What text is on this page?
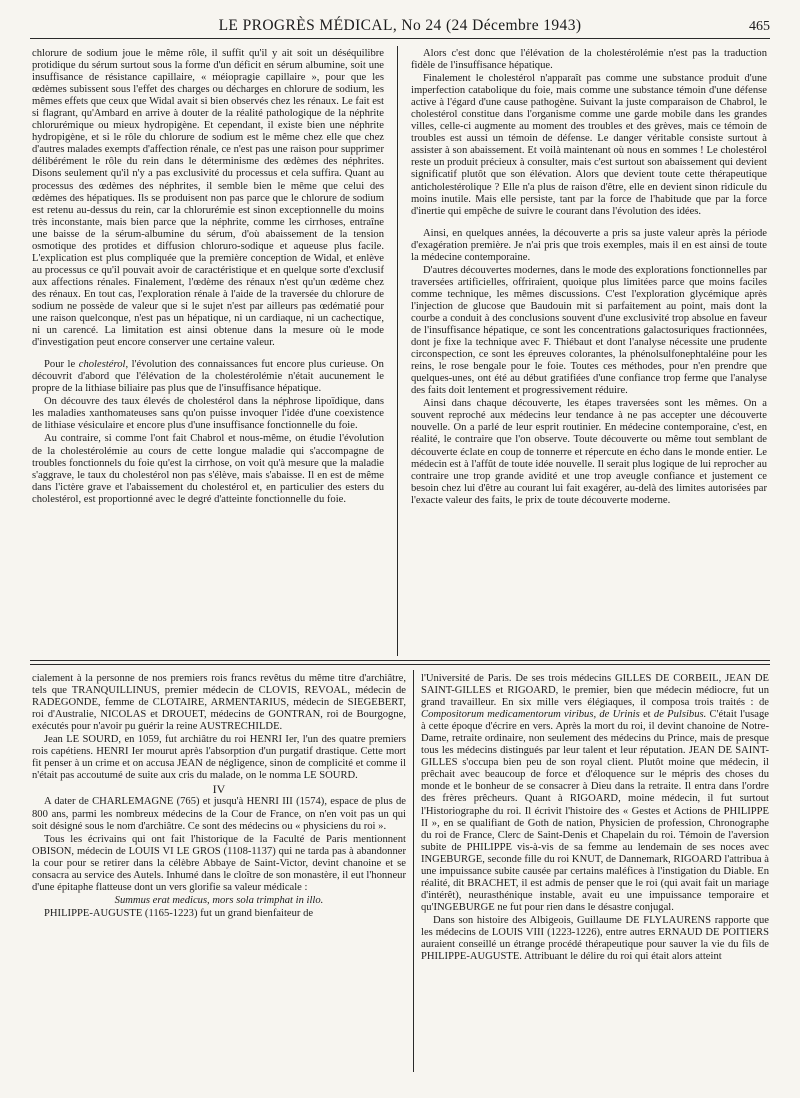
LE PROGRÈS MÉDICAL, No 24 (24 Décembre 1943)	465

chlorure de sodium joue le même rôle, il suffit qu'il y ait soit un déséquilibre protidique du sérum surtout sous la forme d'un déficit en sérum albumine, soit une insuffisance de résistance capillaire, « méiopragie capillaire », pour que les œdèmes subissent sous l'effet des charges ou décharges en chlorure de sodium, les mêmes effets que ceux que Widal avait si bien observés chez les rénaux. Le fait est si flagrant, qu'Ambard en arrive à douter de la réalité pathologique de la néphrite chlorurémique ou mieux hydropigène. Et cependant, il existe bien une néphrite hydropigène, et si le rôle du chlorure de sodium est le même chez elle que chez d'autres malades exempts d'affection rénale, ce n'est pas une raison pour supprimer délibérément le rôle du rein dans le déterminisme des œdèmes des néphrites. Disons seulement qu'il n'y a pas exclusivité du processus et cela suffira. Quant au processus des œdèmes des néphrites, il semble bien le même que celui des œdèmes des hépatiques. Ils se produisent non pas parce que le chlorure de sodium est retenu au-dessus du rein, car la chlorurémie est sinon exceptionnelle du moins très inconstante, mais bien parce que la néphrite, comme les cirrhoses, entraîne une baisse de la sérum-albumine du sérum, d'où abaissement de la tension osmotique des protides et diffusion chloruro-sodique et aqueuse plus facile. L'explication est plus compliquée que la première conception de Widal, et enlève au processus ce qu'il pouvait avoir de caractéristique et en quelque sorte d'exclusif aux affections rénales. Finalement, l'œdème des rénaux n'est qu'un œdème chez des rénaux. En tout cas, l'exploration rénale à l'aide de la traversée du chlorure de sodium ne possède de valeur que si le sujet n'est par ailleurs pas œdématié pour une raison quelconque, n'est pas un hépatique, ni un cardiaque, ni un cachectique, ni un carencé. La limitation est ainsi obtenue dans la mesure où le mode d'investigation peut encore conserver une certaine valeur.

Pour le cholestérol, l'évolution des connaissances fut encore plus curieuse. On découvrit d'abord que l'élévation de la cholestérolémie n'était aucunement le propre de la lithiase biliaire pas plus que de l'insuffisance hépatique.

On découvre des taux élevés de cholestérol dans la néphrose lipoïdique, dans les maladies xanthomateuses sans qu'on puisse invoquer l'idée d'une coexistence de lithiase vésiculaire et encore plus d'une insuffisance fonctionnelle du foie.

Au contraire, si comme l'ont fait Chabrol et nous-même, on étudie l'évolution de la cholestérolémie au cours de cette longue maladie qui s'accompagne de troubles fonctionnels du foie qu'est la cirrhose, on voit qu'à mesure que la maladie s'aggrave, le taux du cholestérol non pas s'élève, mais s'abaisse. Il en est de même dans l'ictère grave et l'abaissement du cholestérol et, en particulier des esters du cholestérol, est proportionné avec le degré d'atteinte fonctionnelle du foie.

Alors c'est donc que l'élévation de la cholestérolémie n'est pas la traduction fidèle de l'insuffisance hépatique.

Finalement le cholestérol n'apparaît pas comme une substance produit d'une imperfection catabolique du foie, mais comme une substance témoin d'une défense active à l'égard d'une cause pathogène. Suivant la juste comparaison de Chabrol, le cholestérol constitue dans l'organisme comme une garde mobile dans les grandes villes, celle-ci augmente au moment des troubles et des grèves, mais ce témoin de troubles est aussi un témoin de défense. Le danger véritable consiste surtout à assister à son abaissement. Et voilà maintenant où nous en sommes ! Le cholestérol reste un produit précieux à consulter, mais c'est surtout son abaissement qui devient significatif plutôt que son élévation. Alors que devient toute cette thérapeutique anticholestérolique ? Elle n'a plus de raison d'être, elle en devient sinon ridicule du moins inutile. Mais elle persiste, tant par la force de l'habitude que par la force d'inertie qui empêche de suivre le courant dans l'évolution des idées.

Ainsi, en quelques années, la découverte a pris sa juste valeur après la période d'exagération première. Je n'ai pris que trois exemples, mais il en est ainsi de toute la médecine contemporaine.

D'autres découvertes modernes, dans le mode des explorations fonctionnelles par traversées artificielles, offriraient, quoique plus limitées parce que moins faciles comme technique, les mêmes discussions. C'est l'exploration glycémique après l'injection de glucose que Baudouin mit si parfaitement au point, mais dont la courbe a conduit à des conclusions souvent d'une exclusivité trop absolue en faveur de l'insuffisance hépatique, ce sont les concentrations galactosuriques fractionnées, dont je fixe la technique avec F. Thiébaut et dont l'analyse nécessite une prudente circonspection, ce sont les épreuves colorantes, la phénolsulfonephtaléine pour les reins, le rose bengale pour le foie. Toutes ces méthodes, pour n'en prendre que quelques-unes, ont été au début gratifiées d'une confiance trop ferme que l'analyse des faits doit lentement et progressivement réduire.

Ainsi dans chaque découverte, les étapes traversées sont les mêmes. On a souvent reproché aux médecins leur tendance à ne pas accepter une découverte nouvelle. On a parlé de leur esprit routinier. En médecine contemporaine, c'est, en réalité, le contraire que l'on observe. Toute découverte ou même tout semblant de découverte éclate en coup de tonnerre et répercute en écho dans le monde entier. Le médecin est à l'affût de toute idée nouvelle. Il serait plus logique de lui reprocher au contraire une trop grande avidité et une trop aveugle confiance et justement ce besoin chez lui d'être au courant lui fait exagérer, au-delà des limites autorisées par l'exacte valeur des faits, le prix de toute découverte moderne.

cialement à la personne de nos premiers rois francs revêtus du même titre d'archiâtre, tels que TRANQUILLINUS, premier médecin de CLOVIS, REVOAL, médecin de RADEGONDE, femme de CLOTAIRE, ARMENTARIUS, médecin de SIEGEBERT, roi d'Australie, NICOLAS et DROUET, médecins de GONTRAN, roi de Bourgogne, exécutés pour n'avoir pu guérir la reine AUSTRECHILDE.

Jean LE SOURD, en 1059, fut archiâtre du roi HENRI Ier, l'un des quatre premiers rois capétiens. HENRI Ier mourut après l'absorption d'un purgatif drastique. Cette mort fit penser à un crime et on accusa JEAN de négligence, sinon de complicité et comme il n'était pas accoutumé de suite aux cris du malade, on le nomma LE SOURD.

IV

A dater de CHARLEMAGNE (765) et jusqu'à HENRI III (1574), espace de plus de 800 ans, parmi les nombreux médecins de la Cour de France, on n'en voit pas un qui soit désigné sous le nom d'archiâtre. Ce sont des médecins ou « physiciens du roi ».

Tous les écrivains qui ont fait l'historique de la Faculté de Paris mentionnent OBISON, médecin de LOUIS VI LE GROS (1108-1137) qui ne tarda pas à abandonner la cour pour se retirer dans la célèbre Abbaye de Saint-Victor, devint chanoine et se consacra au service des Autels. Inhumé dans le cloître de son monastère, il eut l'honneur d'une épitaphe flatteuse dont un vers glorifie sa valeur médicale :

Summus erat medicus, mors sola trimphat in illo.

PHILIPPE-AUGUSTE (1165-1223) fut un grand bienfaiteur de

l'Université de Paris. De ses trois médecins GILLES DE CORBEIL, JEAN DE SAINT-GILLES et RIGOARD, le premier, bien que médecin médiocre, fut un grand travailleur. En six mille vers élégiaques, il composa trois traités : de Compositorum medicamentorum viribus, de Urinis et de Pulsibus. C'était l'usage à cette époque d'écrire en vers. Après la mort du roi, il devint chanoine de Notre-Dame, retraite ordinaire, non seulement des médecins du Prince, mais de presque tous les médecins distingués par leur talent et leur réputation. JEAN DE SAINT-GILLES s'occupa bien peu de son royal client. Plutôt moine que médecin, il prêchait avec beaucoup de force et d'éloquence sur le mépris des choses du monde et le bonheur de se consacrer à Dieu dans la retraite. Il entra dans l'ordre des frères prêcheurs. Quant à RIGOARD, moine médecin, il fut surtout l'Historiographe du roi. Il écrivit l'histoire des « Gestes et Actions de PHILIPPE II », en se qualifiant de Goth de nation, Physicien de profession, Chronographe du roi de France, Clerc de Saint-Denis et Chapelain du roi. Témoin de l'aversion subite de PHILIPPE vis-à-vis de sa femme au lendemain de ses noces avec INGEBURGE, seconde fille du roi KNUT, de Dannemark, RIGOARD l'attribua à une impuissance subite causée par certains maléfices à l'instigation du Diable. En réalité, dit BRACHET, il est admis de penser que le roi (qui avait fait un mariage d'intérêt), neurasthénique instable, avait eu une impuissance temporaire et qu'INGEBURGE ne fut pour rien dans le désastre conjugal.

Dans son histoire des Albigeois, Guillaume DE FLYLAURENS rapporte que les médecins de LOUIS VIII (1223-1226), entre autres ERNAUD DE POITIERS auraient conseillé un étrange procédé thérapeutique pour sauver la vie du fils de PHILIPPE-AUGUSTE. Attribuant le délire du roi qui était alors atteint
